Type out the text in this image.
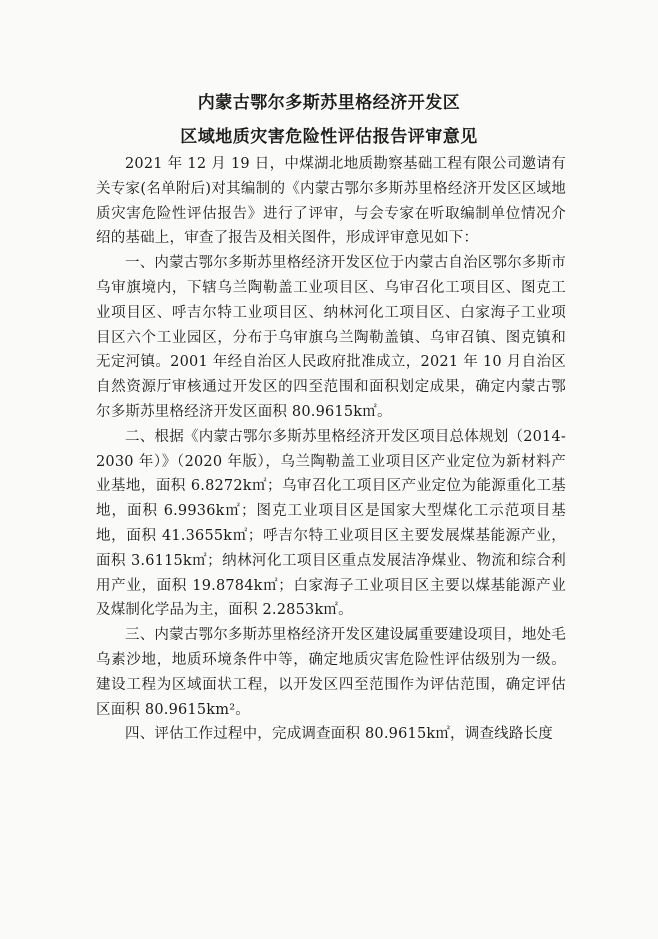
内蒙古鄂尔多斯苏里格经济开发区
区域地质灾害危险性评估报告评审意见

2021 年 12 月 19 日，中煤湖北地质勘察基础工程有限公司邀请有关专家(名单附后)对其编制的《内蒙古鄂尔多斯苏里格经济开发区区域地质灾害危险性评估报告》进行了评审，与会专家在听取编制单位情况介绍的基础上，审查了报告及相关图件，形成评审意见如下：

一、内蒙古鄂尔多斯苏里格经济开发区位于内蒙古自治区鄂尔多斯市乌审旗境内，下辖乌兰陶勒盖工业项目区、乌审召化工项目区、图克工业项目区、呼吉尔特工业项目区、纳林河化工项目区、白家海子工业项目区六个工业园区，分布于乌审旗乌兰陶勒盖镇、乌审召镇、图克镇和无定河镇。2001 年经自治区人民政府批准成立，2021 年 10 月自治区自然资源厅审核通过开发区的四至范围和面积划定成果，确定内蒙古鄂尔多斯苏里格经济开发区面积 80.9615k㎡。

二、根据《内蒙古鄂尔多斯苏里格经济开发区项目总体规划（2014-2030 年）》（2020 年版），乌兰陶勒盖工业项目区产业定位为新材料产业基地，面积 6.8272k㎡；乌审召化工项目区产业定位为能源重化工基地，面积 6.9936k㎡；图克工业项目区是国家大型煤化工示范项目基地，面积 41.3655k㎡；呼吉尔特工业项目区主要发展煤基能源产业，面积 3.6115k㎡；纳林河化工项目区重点发展洁净煤业、物流和综合利用产业，面积 19.8784k㎡；白家海子工业项目区主要以煤基能源产业及煤制化学品为主，面积 2.2853k㎡。

三、内蒙古鄂尔多斯苏里格经济开发区建设属重要建设项目，地处毛乌素沙地，地质环境条件中等，确定地质灾害危险性评估级别为一级。建设工程为区域面状工程，以开发区四至范围作为评估范围，确定评估区面积 80.9615km²。

四、评估工作过程中，完成调查面积 80.9615k㎡，调查线路长度
